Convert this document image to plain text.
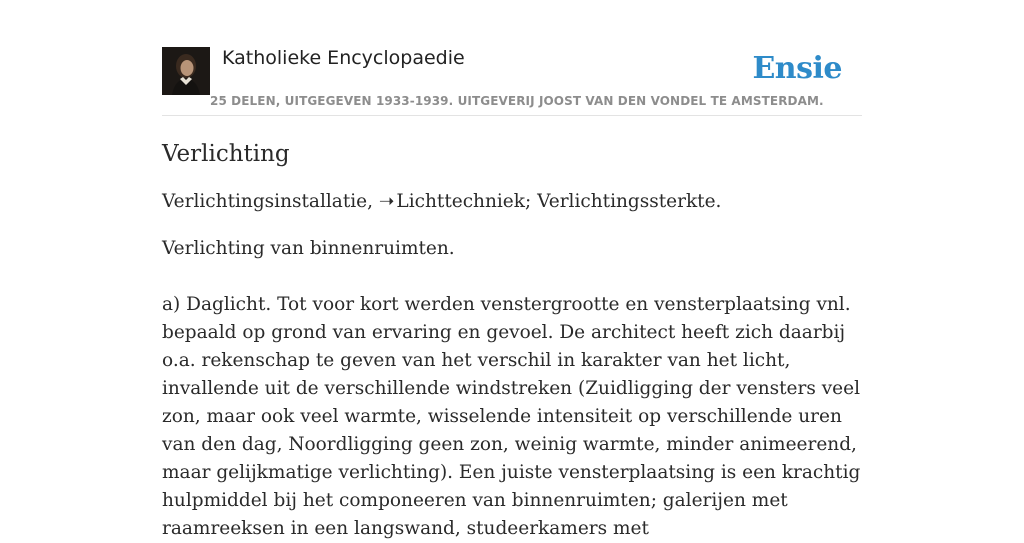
Katholieke Encyclopaedie
25 DELEN, UITGEGEVEN 1933-1939. UITGEVERIJ JOOST VAN DEN VONDEL TE AMSTERDAM.
Ensie
Verlichting

Verlichtingsinstallatie, ➝ Lichttechniek; Verlichtingssterkte.

Verlichting van binnenruimten.

a) Daglicht. Tot voor kort werden venstergrootte en vensterplaatsing vnl. bepaald op grond van ervaring en gevoel. De architect heeft zich daarbij o.a. rekenschap te geven van het verschil in karakter van het licht, invallende uit de verschillende windstreken (Zuidligging der vensters veel zon, maar ook veel warmte, wisselende intensiteit op verschillende uren van den dag, Noordligging geen zon, weinig warmte, minder animeerend, maar gelijkmatige verlichting). Een juiste vensterplaatsing is een krachtig hulpmiddel bij het componeeren van binnenruimten; galerijen met raamreeksen in een langswand, studeerkamers met
